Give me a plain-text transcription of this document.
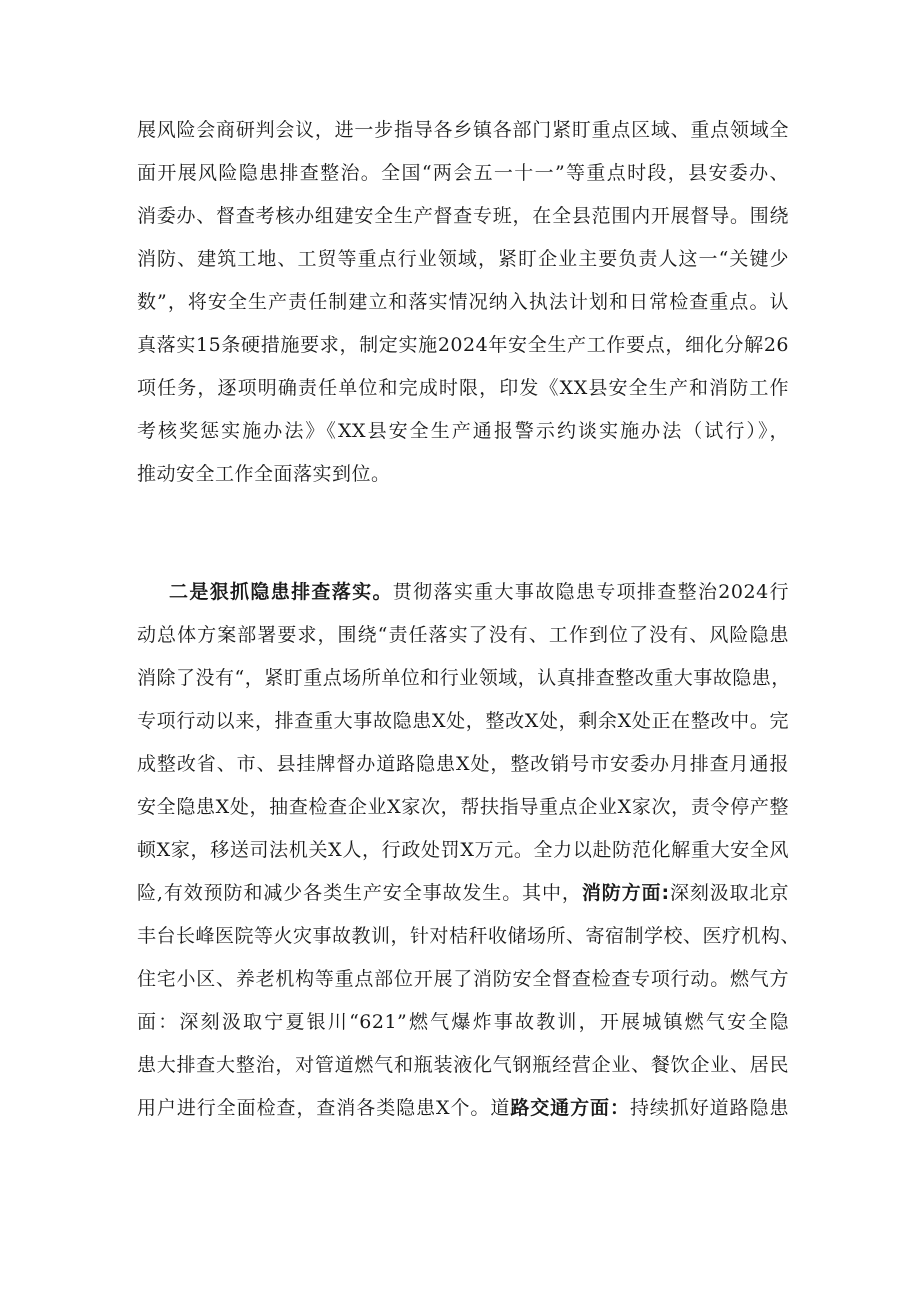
展风险会商研判会议，进一步指导各乡镇各部门紧盯重点区域、重点领域全
面开展风险隐患排查整治。全国“两会五一十一”等重点时段，县安委办、
消委办、督查考核办组建安全生产督查专班，在全县范围内开展督导。围绕
消防、建筑工地、工贸等重点行业领域，紧盯企业主要负责人这一“关键少
数”，将安全生产责任制建立和落实情况纳入执法计划和日常检查重点。认
真落实15条硬措施要求，制定实施2024年安全生产工作要点，细化分解26
项任务，逐项明确责任单位和完成时限，印发《XX县安全生产和消防工作
考核奖惩实施办法》《XX县安全生产通报警示约谈实施办法（试行）》，
推动安全工作全面落实到位。
二是狠抓隐患排查落实。贯彻落实重大事故隐患专项排查整治2024行
动总体方案部署要求，围绕“责任落实了没有、工作到位了没有、风险隐患
消除了没有“，紧盯重点场所单位和行业领域，认真排查整改重大事故隐患，
专项行动以来，排查重大事故隐患X处，整改X处，剩余X处正在整改中。完
成整改省、市、县挂牌督办道路隐患X处，整改销号市安委办月排查月通报
安全隐患X处，抽查检查企业X家次，帮扶指导重点企业X家次，责令停产整
顿X家，移送司法机关X人，行政处罚X万元。全力以赴防范化解重大安全风
险,有效预防和减少各类生产安全事故发生。其中，消防方面:深刻汲取北京
丰台长峰医院等火灾事故教训，针对桔秆收储场所、寄宿制学校、医疗机构、
住宅小区、养老机构等重点部位开展了消防安全督查检查专项行动。燃气方
面：深刻汲取宁夏银川“621”燃气爆炸事故教训，开展城镇燃气安全隐
患大排查大整治，对管道燃气和瓶装液化气钢瓶经营企业、餐饮企业、居民
用户进行全面检查，查消各类隐患X个。道路交通方面：持续抓好道路隐患
